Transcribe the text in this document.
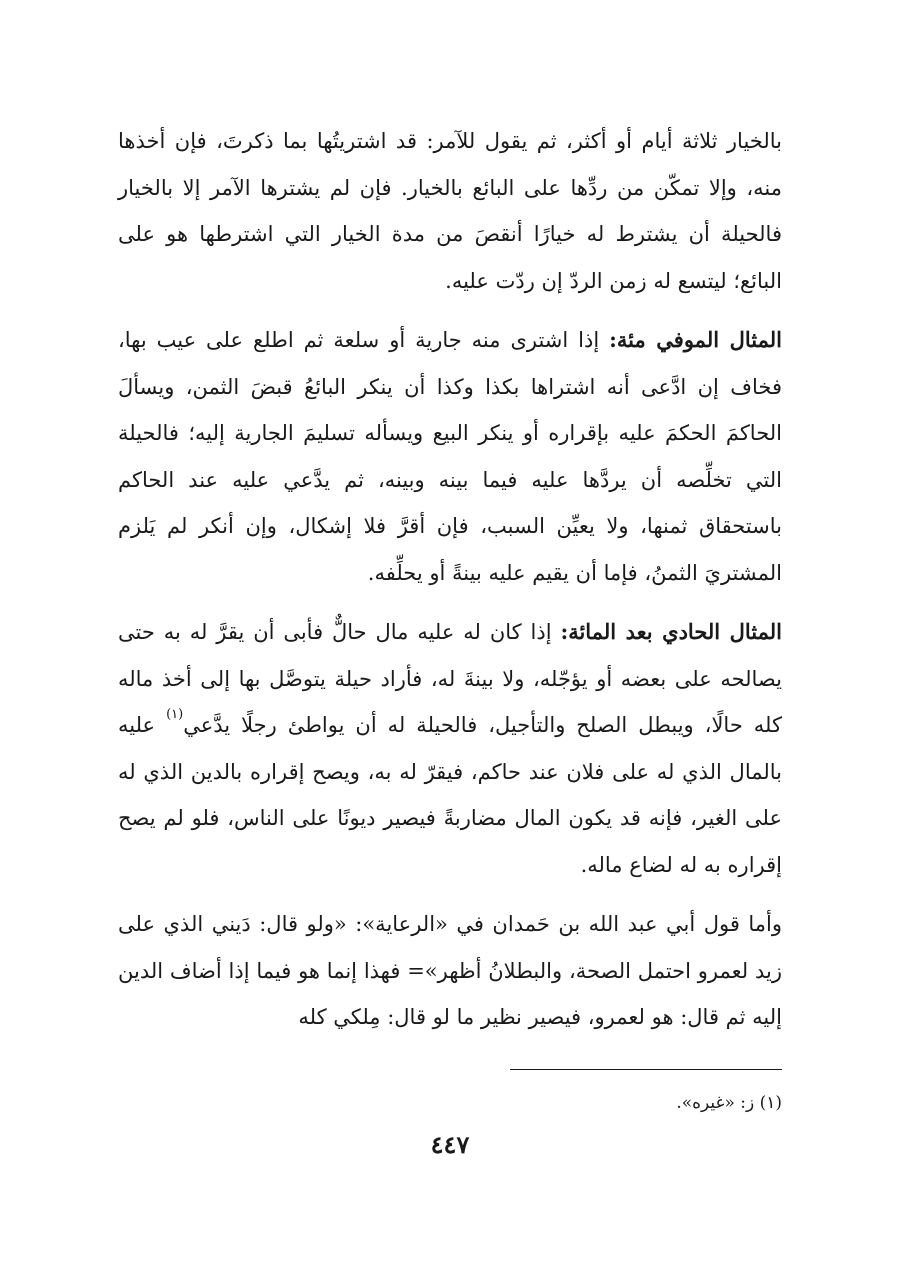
بالخيار ثلاثة أيام أو أكثر، ثم يقول للآمر: قد اشتريتُها بما ذكرتَ، فإن أخذها منه، وإلا تمكّن من ردِّها على البائع بالخيار. فإن لم يشترها الآمر إلا بالخيار فالحيلة أن يشترط له خيارًا أنقصَ من مدة الخيار التي اشترطها هو على البائع؛ ليتسع له زمن الردّ إن ردّت عليه.

المثال الموفي مئة: إذا اشترى منه جارية أو سلعة ثم اطلع على عيب بها، فخاف إن ادَّعى أنه اشتراها بكذا وكذا أن ينكر البائعُ قبضَ الثمن، ويسألَ الحاكمَ الحكمَ عليه بإقراره أو ينكر البيع ويسأله تسليمَ الجارية إليه؛ فالحيلة التي تخلِّصه أن يردَّها عليه فيما بينه وبينه، ثم يدَّعي عليه عند الحاكم باستحقاق ثمنها، ولا يعيِّن السبب، فإن أقرَّ فلا إشكال، وإن أنكر لم يَلزم المشتريَ الثمنُ، فإما أن يقيم عليه بينةً أو يحلِّفه.

المثال الحادي بعد المائة: إذا كان له عليه مال حالٌّ فأبى أن يقرَّ له به حتى يصالحه على بعضه أو يؤجّله، ولا بينةَ له، فأراد حيلة يتوصَّل بها إلى أخذ ماله كله حالًا، ويبطل الصلح والتأجيل، فالحيلة له أن يواطئ رجلًا يدَّعي$^{(١)}$ عليه بالمال الذي له على فلان عند حاكم، فيقرّ له به، ويصح إقراره بالدين الذي له على الغير، فإنه قد يكون المال مضاربةً فيصير ديونًا على الناس، فلو لم يصح إقراره به له لضاع ماله.

وأما قول أبي عبد الله بن حَمدان في «الرعاية»: «ولو قال: دَيني الذي على زيد لعمرو احتمل الصحة، والبطلانُ أظهر»= فهذا إنما هو فيما إذا أضاف الدين إليه ثم قال: هو لعمرو، فيصير نظير ما لو قال: مِلكي كله

(١) ز: «غيره».
٤٤٧
